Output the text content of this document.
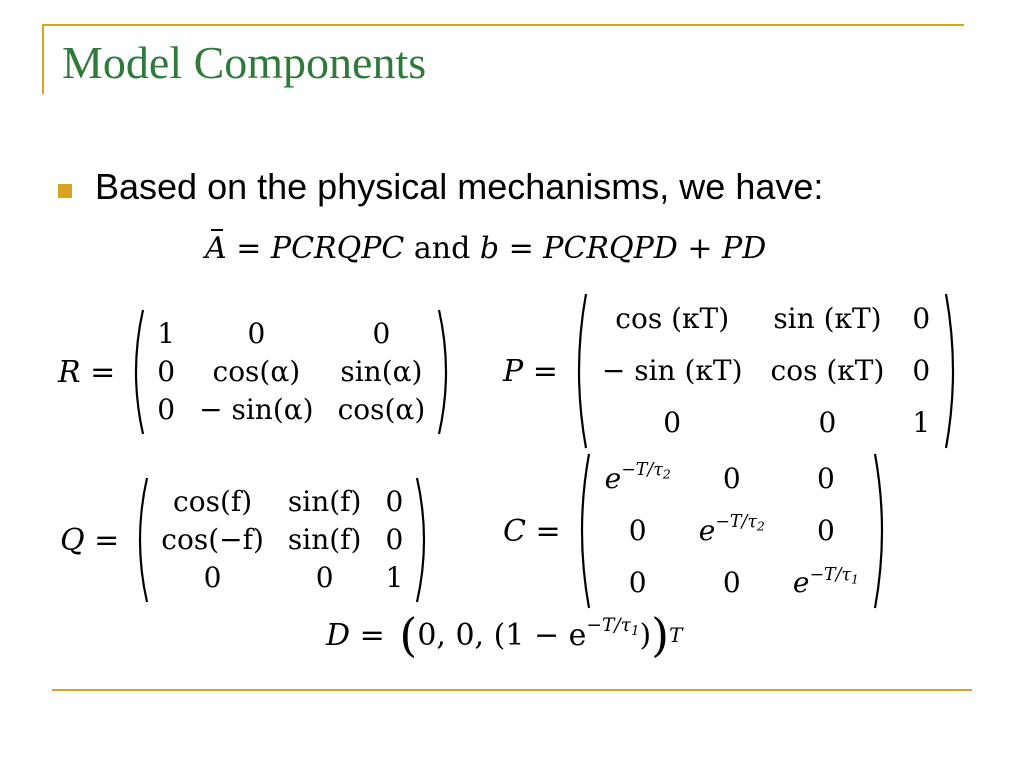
Model Components
Based on the physical mechanisms, we have:
A = PCRQPC and b = PCRQPD + PD
R =
1	0	0
0	cos(α)	sin(α)
0	− sin(α)	cos(α)
P =
cos (κT)	sin (κT)	0
− sin (κT)	cos (κT)	0
0	0	1
Q =
cos(f)	sin(f)	0
cos(−f)	sin(f)	0
0	0	1
C =
$e^{-T/\tau_2}$	0	0
0	$e^{-T/\tau_2}$	0
0	0	$e^{-T/\tau_1}$
D = ( 0, 0, $(1 - e^{-T/\tau_1})$ ) T
